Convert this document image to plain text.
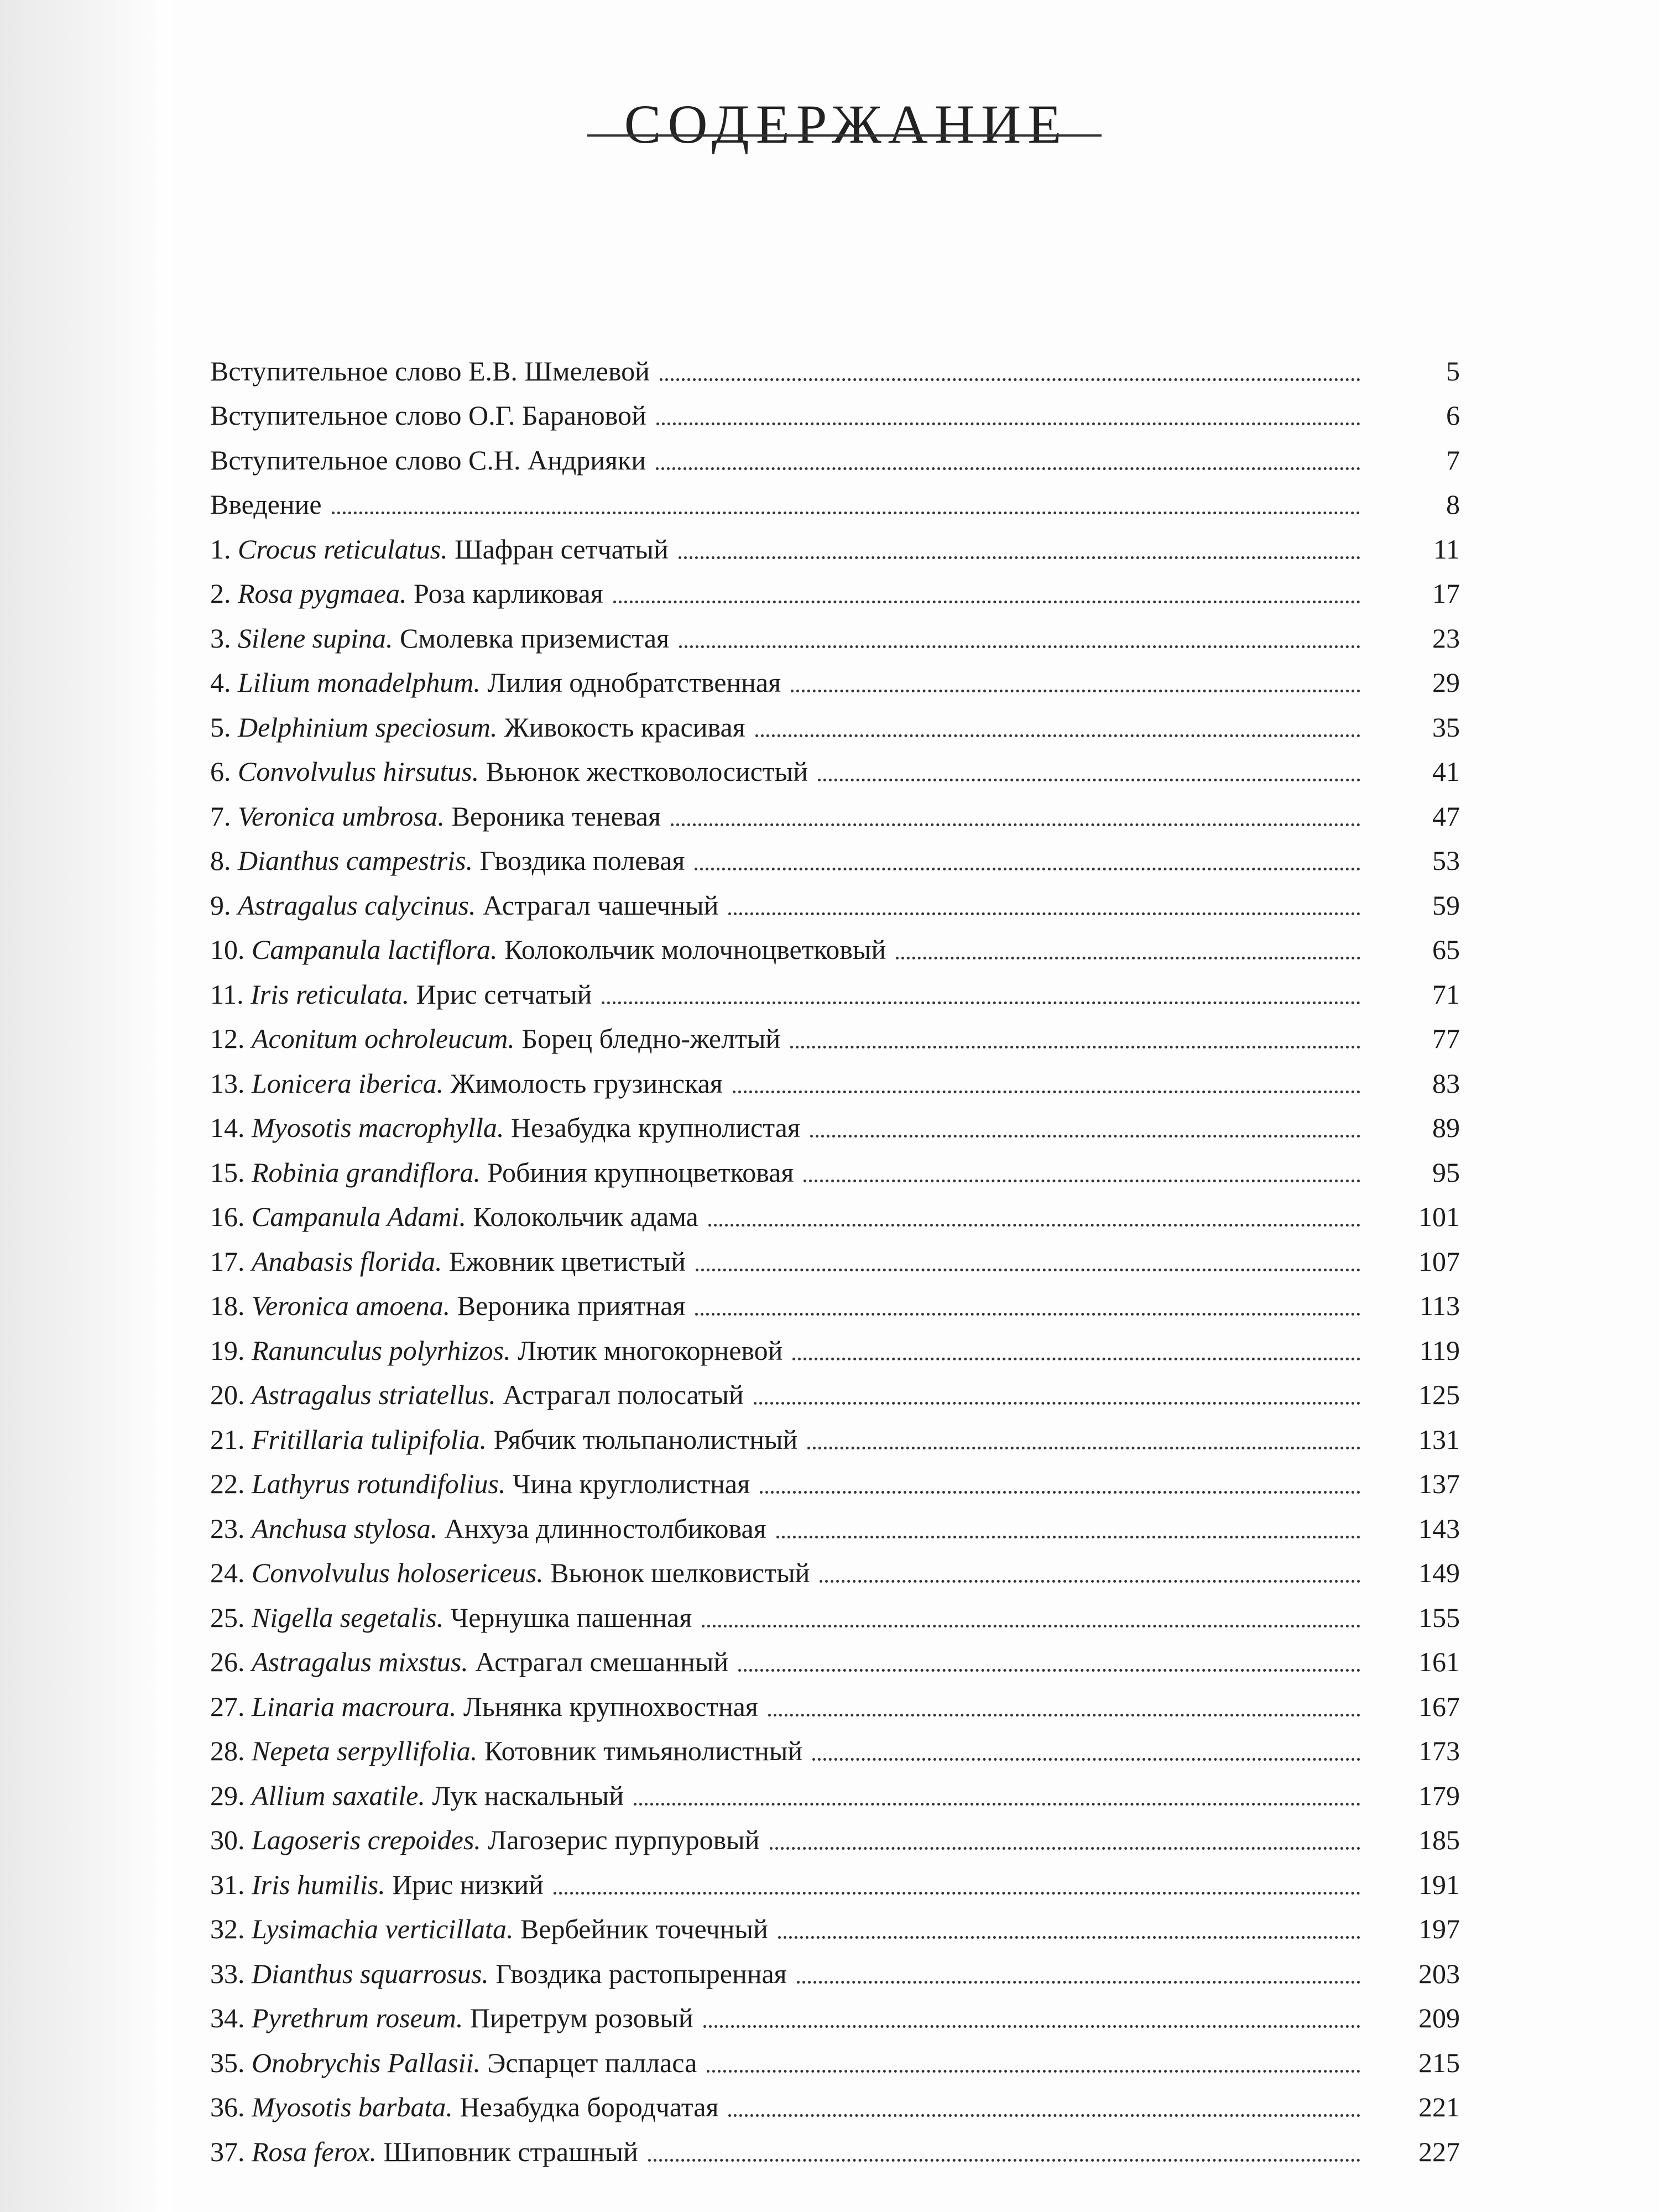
СОДЕРЖАНИЕ
Вступительное слово Е.В. Шмелевой	5
Вступительное слово О.Г. Барановой	6
Вступительное слово С.Н. Андрияки	7
Введение	8
1. Crocus reticulatus. Шафран сетчатый	11
2. Rosa pygmaea. Роза карликовая	17
3. Silene supina. Смолевка приземистая	23
4. Lilium monadelphum. Лилия однобратственная	29
5. Delphinium speciosum. Живокость красивая	35
6. Convolvulus hirsutus. Вьюнок жестковолосистый	41
7. Veronica umbrosa. Вероника теневая	47
8. Dianthus campestris. Гвоздика полевая	53
9. Astragalus calycinus. Астрагал чашечный	59
10. Campanula lactiflora. Колокольчик молочноцветковый	65
11. Iris reticulata. Ирис сетчатый	71
12. Aconitum ochroleucum. Борец бледно-желтый	77
13. Lonicera iberica. Жимолость грузинская	83
14. Myosotis macrophylla. Незабудка крупнолистая	89
15. Robinia grandiflora. Робиния крупноцветковая	95
16. Campanula Adami. Колокольчик адама	101
17. Anabasis florida. Ежовник цветистый	107
18. Veronica amoena. Вероника приятная	113
19. Ranunculus polyrhizos. Лютик многокорневой	119
20. Astragalus striatellus. Астрагал полосатый	125
21. Fritillaria tulipifolia. Рябчик тюльпанолистный	131
22. Lathyrus rotundifolius. Чина круглолистная	137
23. Anchusa stylosa. Анхуза длинностолбиковая	143
24. Convolvulus holosericeus. Вьюнок шелковистый	149
25. Nigella segetalis. Чернушка пашенная	155
26. Astragalus mixstus. Астрагал смешанный	161
27. Linaria macroura. Льнянка крупнохвостная	167
28. Nepeta serpyllifolia. Котовник тимьянолистный	173
29. Allium saxatile. Лук наскальный	179
30. Lagoseris crepoides. Лагозерис пурпуровый	185
31. Iris humilis. Ирис низкий	191
32. Lysimachia verticillata. Вербейник точечный	197
33. Dianthus squarrosus. Гвоздика растопыренная	203
34. Pyrethrum roseum. Пиретрум розовый	209
35. Onobrychis Pallasii. Эспарцет палласа	215
36. Myosotis barbata. Незабудка бородчатая	221
37. Rosa ferox. Шиповник страшный	227
